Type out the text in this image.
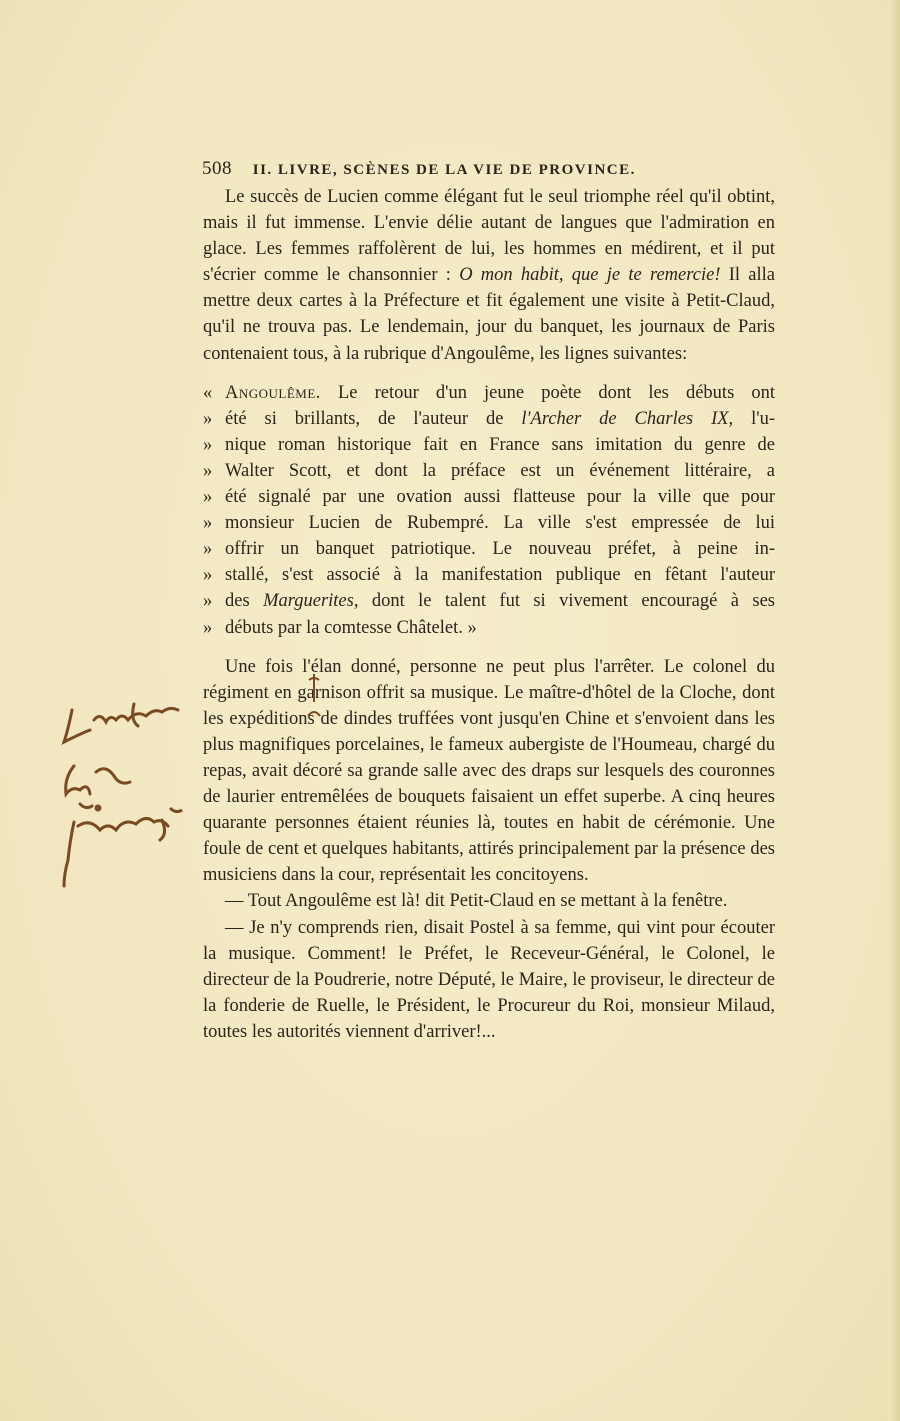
508 II. LIVRE, SCÈNES DE LA VIE DE PROVINCE.

Le succès de Lucien comme élégant fut le seul triomphe réel qu'il obtint, mais il fut immense. L'envie délie autant de langues que l'admiration en glace. Les femmes raffolèrent de lui, les hommes en médirent, et il put s'écrier comme le chansonnier : O mon habit, que je te remercie! Il alla mettre deux cartes à la Préfecture et fit également une visite à Petit-Claud, qu'il ne trouva pas. Le lendemain, jour du banquet, les journaux de Paris contenaient tous, à la rubrique d'Angoulême, les lignes suivantes:

« Angoulême. Le retour d'un jeune poète dont les débuts ont
» été si brillants, de l'auteur de l'Archer de Charles IX, l'u-
» nique roman historique fait en France sans imitation du genre de
» Walter Scott, et dont la préface est un événement littéraire, a
» été signalé par une ovation aussi flatteuse pour la ville que pour
» monsieur Lucien de Rubempré. La ville s'est empressée de lui
» offrir un banquet patriotique. Le nouveau préfet, à peine in-
» stallé, s'est associé à la manifestation publique en fêtant l'auteur
» des Marguerites, dont le talent fut si vivement encouragé à ses
» débuts par la comtesse Châtelet. »

Une fois l'élan donné, personne ne peut plus l'arrêter. Le colonel du régiment en garnison offrit sa musique. Le maître-d'hôtel de la Cloche, dont les expéditions de dindes truffées vont jusqu'en Chine et s'envoient dans les plus magnifiques porcelaines, le fameux aubergiste de l'Houmeau, chargé du repas, avait décoré sa grande salle avec des draps sur lesquels des couronnes de laurier entremêlées de bouquets faisaient un effet superbe. A cinq heures quarante personnes étaient réunies là, toutes en habit de cérémonie. Une foule de cent et quelques habitants, attirés principalement par la présence des musiciens dans la cour, représentait les concitoyens.

— Tout Angoulême est là! dit Petit-Claud en se mettant à la fenêtre.

— Je n'y comprends rien, disait Postel à sa femme, qui vint pour écouter la musique. Comment! le Préfet, le Receveur-Général, le Colonel, le directeur de la Poudrerie, notre Député, le Maire, le proviseur, le directeur de la fonderie de Ruelle, le Président, le Procureur du Roi, monsieur Milaud, toutes les autorités viennent d'arriver!...
